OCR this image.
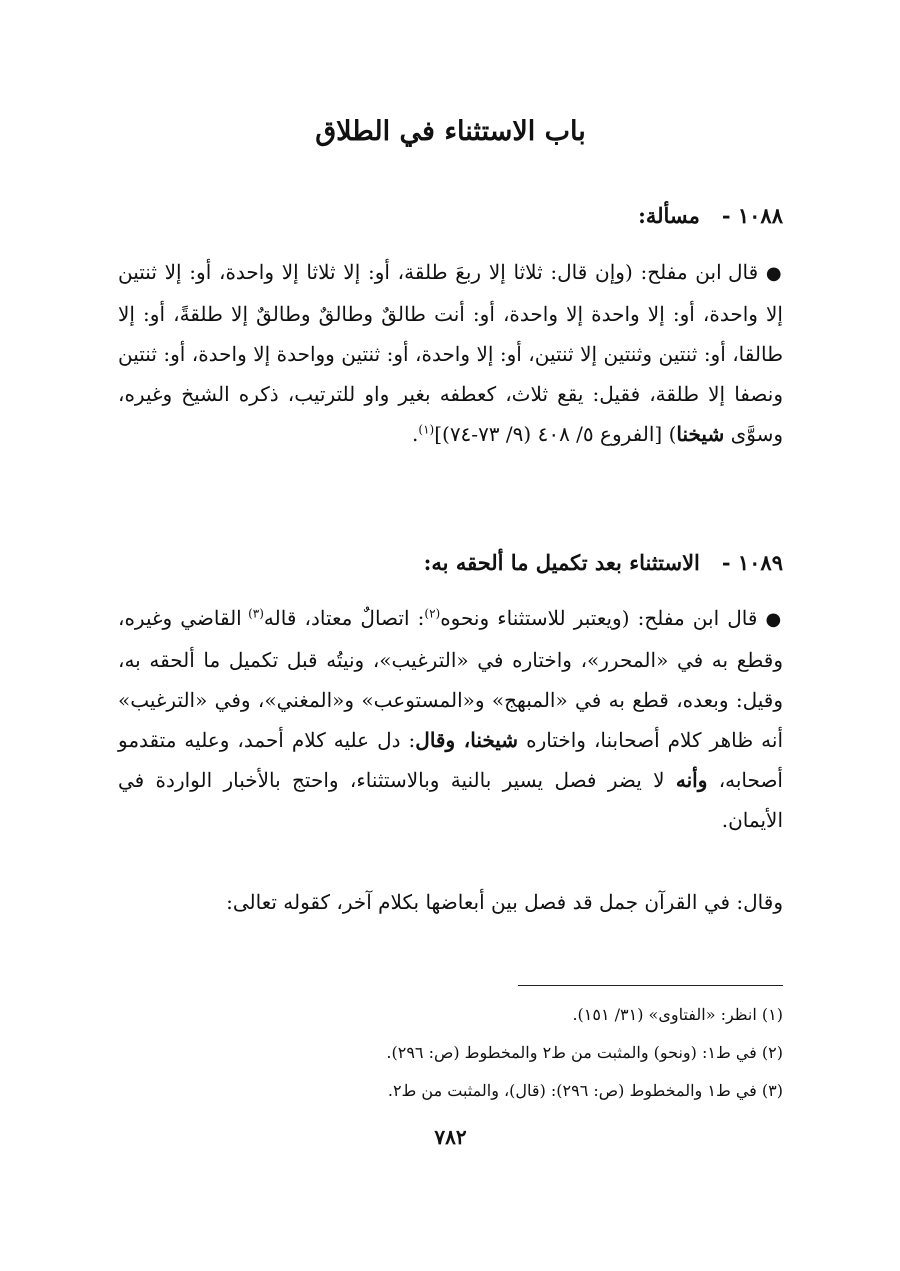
باب الاستثناء في الطلاق
١٠٨٨ -   مسألة:

● قال ابن مفلح: (وإن قال: ثلاثا إلا ربعَ طلقة، أو: إلا ثلاثا إلا واحدة، أو: إلا ثنتين إلا واحدة، أو: إلا واحدة إلا واحدة، أو: أنت طالقٌ وطالقٌ وطالقٌ إلا طلقةً، أو: إلا طالقا، أو: ثنتين وثنتين إلا ثنتين، أو: إلا واحدة، أو: ثنتين وواحدة إلا واحدة، أو: ثنتين ونصفا إلا طلقة، فقيل: يقع ثلاث، كعطفه بغير واو للترتيب، ذكره الشيخ وغيره، وسوَّى شيخنا) [الفروع ٥/ ٤٠٨ (٩/ ٧٣-٧٤)]$^{(١)}$.

١٠٨٩ -   الاستثناء بعد تكميل ما ألحقه به:

● قال ابن مفلح: (ويعتبر للاستثناء ونحوه$^{(٢)}$: اتصالٌ معتاد، قاله$^{(٣)}$ القاضي وغيره، وقطع به في «المحرر»، واختاره في «الترغيب»، ونيتُه قبل تكميل ما ألحقه به، وقيل: وبعده، قطع به في «المبهج» و«المستوعب» و«المغني»، وفي «الترغيب» أنه ظاهر كلام أصحابنا، واختاره شيخنا، وقال: دل عليه كلام أحمد، وعليه متقدمو أصحابه، وأنه لا يضر فصل يسير بالنية وبالاستثناء، واحتج بالأخبار الواردة في الأيمان.

وقال: في القرآن جمل قد فصل بين أبعاضها بكلام آخر، كقوله تعالى:

(١) انظر: «الفتاوى» (٣١/ ١٥١).
(٢) في ط١: (ونحو) والمثبت من ط٢ والمخطوط (ص: ٢٩٦).
(٣) في ط١ والمخطوط (ص: ٢٩٦): (قال)، والمثبت من ط٢.
٧٨٢
